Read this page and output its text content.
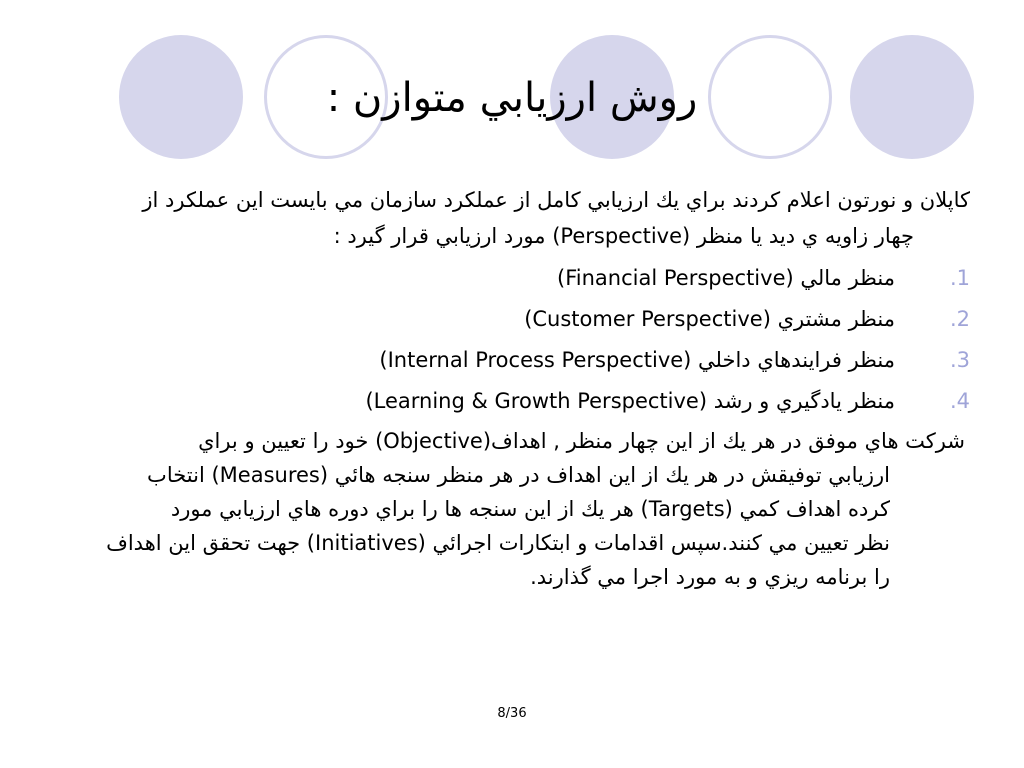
روش ارزيابي متوازن :
کاپلان و نورتون اعلام کردند براي يك ارزيابي کامل از عملکرد سازمان مي بايست اين عملکرد از
چهار زاويه ي ديد يا منظر (Perspective) مورد ارزيابي قرار گيرد :
1.
منظر مالي (Financial Perspective)
2.
منظر مشتري (Customer Perspective)
3.
منظر فرايندهاي داخلي (Internal Process Perspective)
4.
منظر يادگيري و رشد (Learning & Growth Perspective)
شرکت هاي موفق در هر يك از اين چهار منظر , اهداف(Objective) خود را تعيين و براي
ارزيابي توفيقش در هر يك از اين اهداف در هر منظر سنجه هائي (Measures) انتخاب
کرده اهداف کمي (Targets) هر يك از اين سنجه ها را براي دوره هاي ارزيابي مورد
نظر تعيين مي کنند.سپس اقدامات و ابتکارات اجرائي (Initiatives) جهت تحقق اين اهداف
را برنامه ريزي و به مورد اجرا مي گذارند.
8/36
